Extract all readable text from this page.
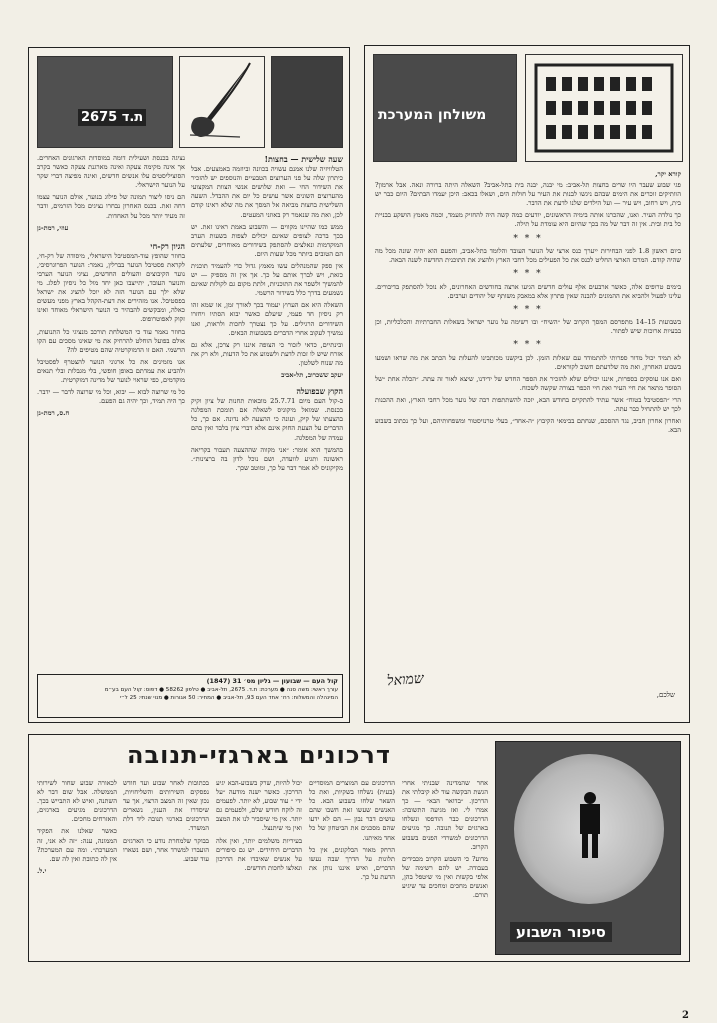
ת.ד 2675
שעה שלישית — בחצות!

הטלוויזיה שלנו אמנם עשויה בכוונה וביוזמה באמצעים. אבל כיתרון שלה על פני הערוצים הטבעיים והנוספים יש להזכיר את השידור החי — ואת שלושים אנשי הצוות המקצועי מהערוצים השונים אשר עושים כל יום את ההבדל. השעה השלישית בחצות מביאה אל המסך את מה שלא ראינו קודם לכן, ואת מה שנאמר רק באוזני המעטים.

ממש כמו שהיינו מקווים — והשבוע באמת ראינו זאת. יש בכך ברכה לצופים שאינם יכולים לצפות בשעות הערב המוקדמות ונאלצים להסתפק בשידורים מאוחרים, שלעתים הם הטובים ביותר מכל שעות היום.

אין ספק שהמנהלים עשו מאמץ גדול כדי להעמיד תוכנית כזאת, ויש לברך אותם על כך. אך אין זה מספיק — יש להמשיך ולשפר את התוכניות, ולתת מקום גם לקולות שאינם נשמעים בדרך כלל בשידור הרשמי.

השאלה היא אם הערוץ יעמוד בכך לאורך זמן, או שמא זהו רק ניסיון חד פעמי, שיעלם כאשר יבוא הסתיו ויחזרו השידורים הרגילים. על כך נצטרך לחכות ולראות, ואנו נמשיך לעקוב אחרי הדברים בשבועות הבאים.

ובינתיים, כדאי לזכור כי הצופה איננו רק צרכן, אלא גם אזרח שיש לו זכות לדעת ולשמוע את כל הדעות, ולא רק את מה שנוח לשלטון.

יעקב ששכרוב, תל-אביב
הקוץ שבפועלה

ב-קול העם מיום 25.7.71 מובאות תחנות של ציון וקיק בכנסת. שמואל מיקוניס לשאלה אם תומכת המפלגה בהצעתו של קיק, ועונה כי ההצעה לא נדונה. אם כך, כל הדברים על הצעת החוק אינם אלא דברי ציון בלבד ואין בהם עמדה של המפלגה.

בהמשך הוא אומר: ״אני מקווה שההצעה תעבור בקריאה ראשונה ותגיע לוועדה, ושם נוכל לדון בה ברצינות״. מקיקוניס לא אמר דבר על כך, ומוטב שכך.

נציגה בכנסת ושעילית דומה במוסדות הארגונים האחרים. אך אינה מקימה צעקה ואינה מארגנת צעקה כאשר בקרב הסוציליסטים עלו אנשים חדשים, ואינה מפיצה דברי שקר על הנוער הישראלי.

הם ניסו ליצור תמונה של פילוג בנוער, אולם הנוער עצמו דחה זאת. בכנס האחרון נבחרו נציגים מכל הזרמים, ודבר זה מעיד יותר מכל על האחדות.

עוזי, רמת-גן
הגיון רק-חי

בחוזר שהופץ עוד-המסטיבל הישראלי, מיסודה של רק-חי, לקראת פסטיבל הנוער בברלין, נאמר: הנוער הפרוגרסיבי, נוער הקיבוצים והעולים החדשים, נציגי הנוער הערבי והנוער העובד, יתייצבו כאן יחד מול כל ניסיון לפלג. מי שלא ילך עם הנוער הזה לא יוכל להציג את ישראל בפסטיבל. אנו מזהירים את דעת-הקהל בארץ מפני מעשים כאלה, ומבקשים להבהיר כי הנוער הישראלי מאוחד ואינו זקוק לאפוטרופוס.

בחוזר נאמר עוד כי המשלחת תורכב מנציגי כל התנועות, אולם בפועל הוחלט להרחיק את מי שאינו מסכים עם הקו הרשמי. האם זו הדמוקרטיה שהם מטיפים לה?

אנו מזמינים את כל ארגוני הנוער להצטרף לפסטיבל ולהביע את עמדתם באופן חופשי, בלי מגבלות ובלי תנאים מוקדמים, כפי שראוי לנוער של מדינה דמוקרטית.

כל מי שרוצה לבוא — יבוא, וכל מי שרוצה לדבר — ידבר. כך היה תמיד, וכך יהיה גם הפעם.

ח.ס, רמת-גן
קול העם — שבועון — גליון מס׳ 31 (1847)
עורך ראשי: משה סנה ● מערכת: ת.ד. 2675, תל-אביב ● טלפון 58262 ● דפוס: קול העם בע״מ
המינהלה והמשלוח: רח׳ אחד העם 93, תל-אביב ● המחיר: 50 אגורות ● מנוי שנתי: 25 ל״י
משולחן המערכת
קורא יקר,

פגי שבוע שעבר היו שרים בחצות תל-אביב: מי יבנה, יבנה בית בתל-אביב? השאלה היתה ברורה ונאה. אבל ארמון? הוותיקים זוכרים את הימים שבהם ניגשו לבנות את העיר על חולות הים, ושאלו בכאב: היכן יעמדו הבתים? היום כבר יש בית, ויש רחוב, ויש עיר — ועל הילדים שלנו לדעת את הדבר.

כך נולדה העיר. ואנו, שהכרנו אותה בימיה הראשונים, יודעים כמה קשה היה להחזיק מעמד, וכמה מאמץ הושקע בבניית כל בית ובית. אין זה דבר של מה בכך שהיום היא עומדת על תילה.

* * *

ביום ראשון 1.8 לפני הבחירות ייערך כנס ארצי של הנוער העובד והלומד בתל-אביב, והפעם הוא יהיה שונה מכל מה שהיה קודם. המרכז הארצי החליט לכנס את כל הפעילים מכל רחבי הארץ ולהציג את התוכנית החדשה לשנה הבאה.

* * *

בימים טרופים אלה, כאשר ארבעים אלף עולים חדשים הגיעו ארצה בחודשים האחרונים, לא נוכל להסתפק בדיבורים. עלינו לפעול ולהביא את ההמונים להבנה שאין פתרון אלא במאבק משותף של יהודים וערבים.

* * *

בשבועות 15–14 מתפרסם המסך הקרוב של ״השיח״ ובו רשימה על נוער ישראל בשאלות החברתיות והכלכליות, וכן בבעיות ארוכות שיש לפתור.

* * *

לא תמיד יכול מדור ספרותי להתמודד עם שאלות הזמן. לכן ביקשנו מכותבינו להעלות על הכתב את מה שראו ושמעו בשבוע האחרון, ואת מה שלדעתם חשוב לקוראים.

ואם אנו עוסקים בספרות, איננו יכולים שלא להזכיר את הספר החדש של ידידנו, שיצא לאור זה עתה. ״הכלה אחת ״של הסופר מתאר את חיי העיר ואת חיי הכפר בצורה שקשה לשכוח.

הרי ״הפסטיבל בטוח״ אשר עתיד להתקיים בחודש הבא, יזכה להשתתפות רבה של נוער מכל רחבי הארץ, ואת ההכנות לכך יש להתחיל כבר עתה.

ואחרון אחרון חביב, נגד ההסכם, שנחתם בבימאי הקיבוץ ״ה-אחד״, בעלי טרנזיסטור ומשפחותיהם, ועל כך נכתוב בשבוע הבא.

שלכם,
שמואל
דרכונים בארגזי-תנובה
סיפור השבוע

אחר שהמדינה שבניתי אחרי הגשת הבקשה עוד לא קיבלתי את הדרכון. ״בדואר הבא״ — כך אמרו לי. ואז מגיעה התשובה: הדרכונים כבר הודפסו ונשלחו בארגזים של תנובה. כך מגיעים הדרכונים למשרדי הפנים בשבוע הקרוב.

מדוע? כי השבוע הקרוב מכבידים בעבודה. יש להם רשימה של אלפי בקשות ואין מי שיטפל בהן, ואנשים מחכים ומחכים עד שיגיע תורם.

הדרכונים עם המוצרים המוסדיים (בעית) נשלחו בשקיות, ואת כל השאר שלחו בשבוע הבא. כל האנשים שעשו זאת חשבו שהם עושים דבר נבון — הם לא ידעו שהם מסכנים את הביטחון של כל אחד מאיתנו.

הרחק מאור הבלקונים, אין כל תלונות על הדרך שבה נעשו הדברים, ואיש איננו נותן את הדעת על כך.

יכול להיות, שרק בשבוע-הבא יגיע הדרכון. כאשר ישנה מודעה ״על ידי ״ עוד שבוע, לא יותר. לפעמים זה לוקח חודש שלם, ולפעמים גם יותר. אין מי שיסביר לנו את המצב ואין מי שיתנצל.

בעיריות משלמים יותר, ואין אלה הדברים היחידים. יש גם סיפורים על אנשים שאיבדו את הדרכון ונאלצו לחכות חודשים.

בכתובות לאחר שבוע ועד חודש נפסקים השירותים והשליחויות, נכון שאין זה המצב הרצוי, אך עד שיסדרו את הענין, נשארים הדרכונים בארגזי תנובה ליד דלת המשרד.

בבוקר שלמחרת נודע כי הארגזים הועברו למשרד אחר, ושם נשארו עוד שבוע.

לכאורה שבוע שחור לשירותי הממשלה. אבל שום דבר לא השתנה, ואיש לא התבייש בכך. הדרכונים מגיעים בארגזים, והאזרחים מחכים.

כאשר שאלנו את הפקיד הממונה, ענה: ״זה לא אני, זה המערכת״. ומה עם המערכת? אין לה כתובת ואין לה שם.

י.ל.
2
